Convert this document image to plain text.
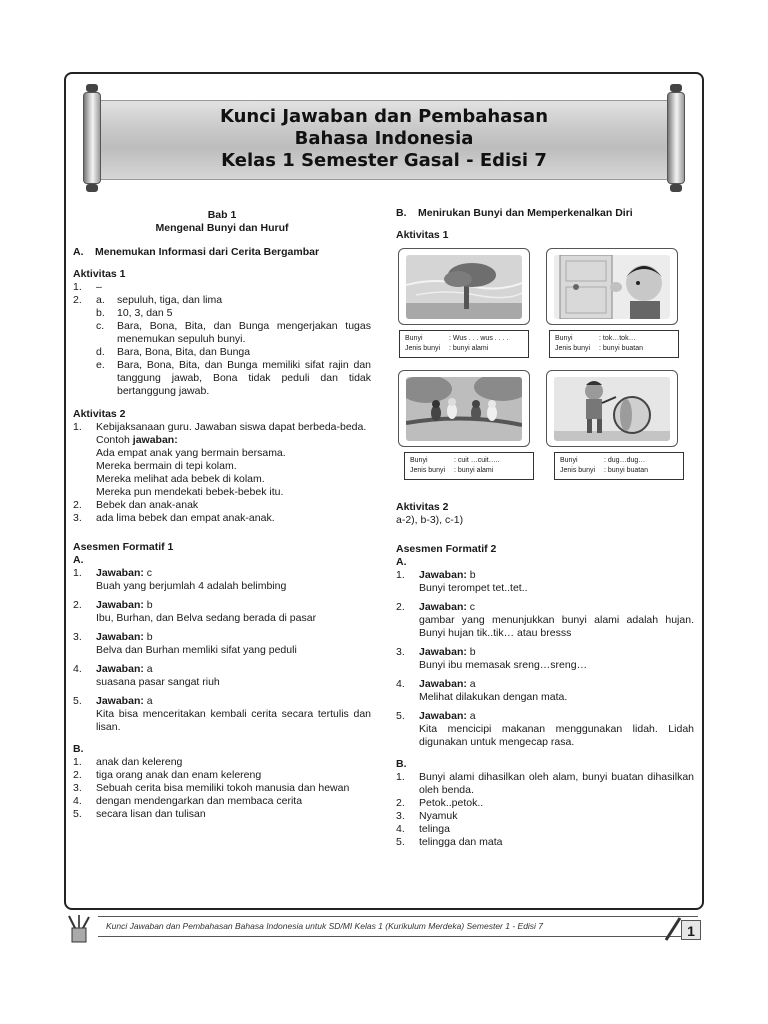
Kunci Jawaban dan Pembahasan
Bahasa Indonesia
Kelas 1 Semester Gasal - Edisi 7
Bab 1
Mengenal Bunyi dan Huruf
A.	Menemukan Informasi dari Cerita Bergambar
Aktivitas 1
1.	–
2.	a.	sepuluh, tiga, dan lima
b.	10, 3, dan 5
c.	Bara, Bona, Bita, dan Bunga mengerjakan tugas menemukan sepuluh bunyi.
d.	Bara, Bona, Bita, dan Bunga
e.	Bara, Bona, Bita, dan Bunga memiliki sifat rajin dan tanggung jawab, Bona tidak peduli dan tidak bertanggung jawab.
Aktivitas 2
1.	Kebijaksanaan guru. Jawaban siswa dapat berbeda-beda.
Contoh jawaban:
Ada empat anak yang bermain bersama.
Mereka bermain di tepi kolam.
Mereka melihat ada bebek di kolam.
Mereka pun mendekati bebek-bebek itu.
2.	Bebek dan anak-anak
3.	ada lima bebek dan empat anak-anak.
Asesmen Formatif 1
A.
1.	Jawaban: c
Buah yang berjumlah 4 adalah belimbing
2.	Jawaban: b
Ibu, Burhan, dan Belva sedang berada di pasar
3.	Jawaban: b
Belva dan Burhan memliki sifat yang peduli
4.	Jawaban: a
suasana pasar sangat riuh
5.	Jawaban: a
Kita bisa menceritakan kembali cerita secara tertulis dan lisan.
B.
1.	anak dan kelereng
2.	tiga orang anak dan enam kelereng
3.	Sebuah cerita bisa memiliki tokoh manusia dan hewan
4.	dengan mendengarkan dan membaca cerita
5.	secara lisan dan tulisan
B.	Menirukan Bunyi dan Memperkenalkan Diri
Aktivitas 1
Bunyi	: Wus . . . wus . . . .
Jenis bunyi	: bunyi alami
Bunyi	: tok…tok…
Jenis bunyi	: bunyi buatan
Bunyi	: cuit …cuit…..
Jenis bunyi	: bunyi alami
Bunyi	: dug…dug…
Jenis bunyi	: bunyi buatan
Aktivitas 2
a-2), b-3), c-1)
Asesmen Formatif 2
A.
1.	Jawaban: b
Bunyi terompet tet..tet..
2.	Jawaban: c
gambar yang menunjukkan bunyi alami adalah hujan. Bunyi hujan tik..tik… atau bresss
3.	Jawaban: b
Bunyi ibu memasak sreng…sreng…
4.	Jawaban: a
Melihat dilakukan dengan mata.
5.	Jawaban: a
Kita mencicipi makanan menggunakan lidah. Lidah digunakan untuk mengecap rasa.
B.
1.	Bunyi alami dihasilkan oleh alam, bunyi buatan dihasilkan oleh benda.
2.	Petok..petok..
3.	Nyamuk
4.	telinga
5.	telingga dan mata
Kunci Jawaban dan Pembahasan Bahasa Indonesia untuk SD/MI Kelas 1 (Kurikulum Merdeka) Semester 1 - Edisi 7	1
